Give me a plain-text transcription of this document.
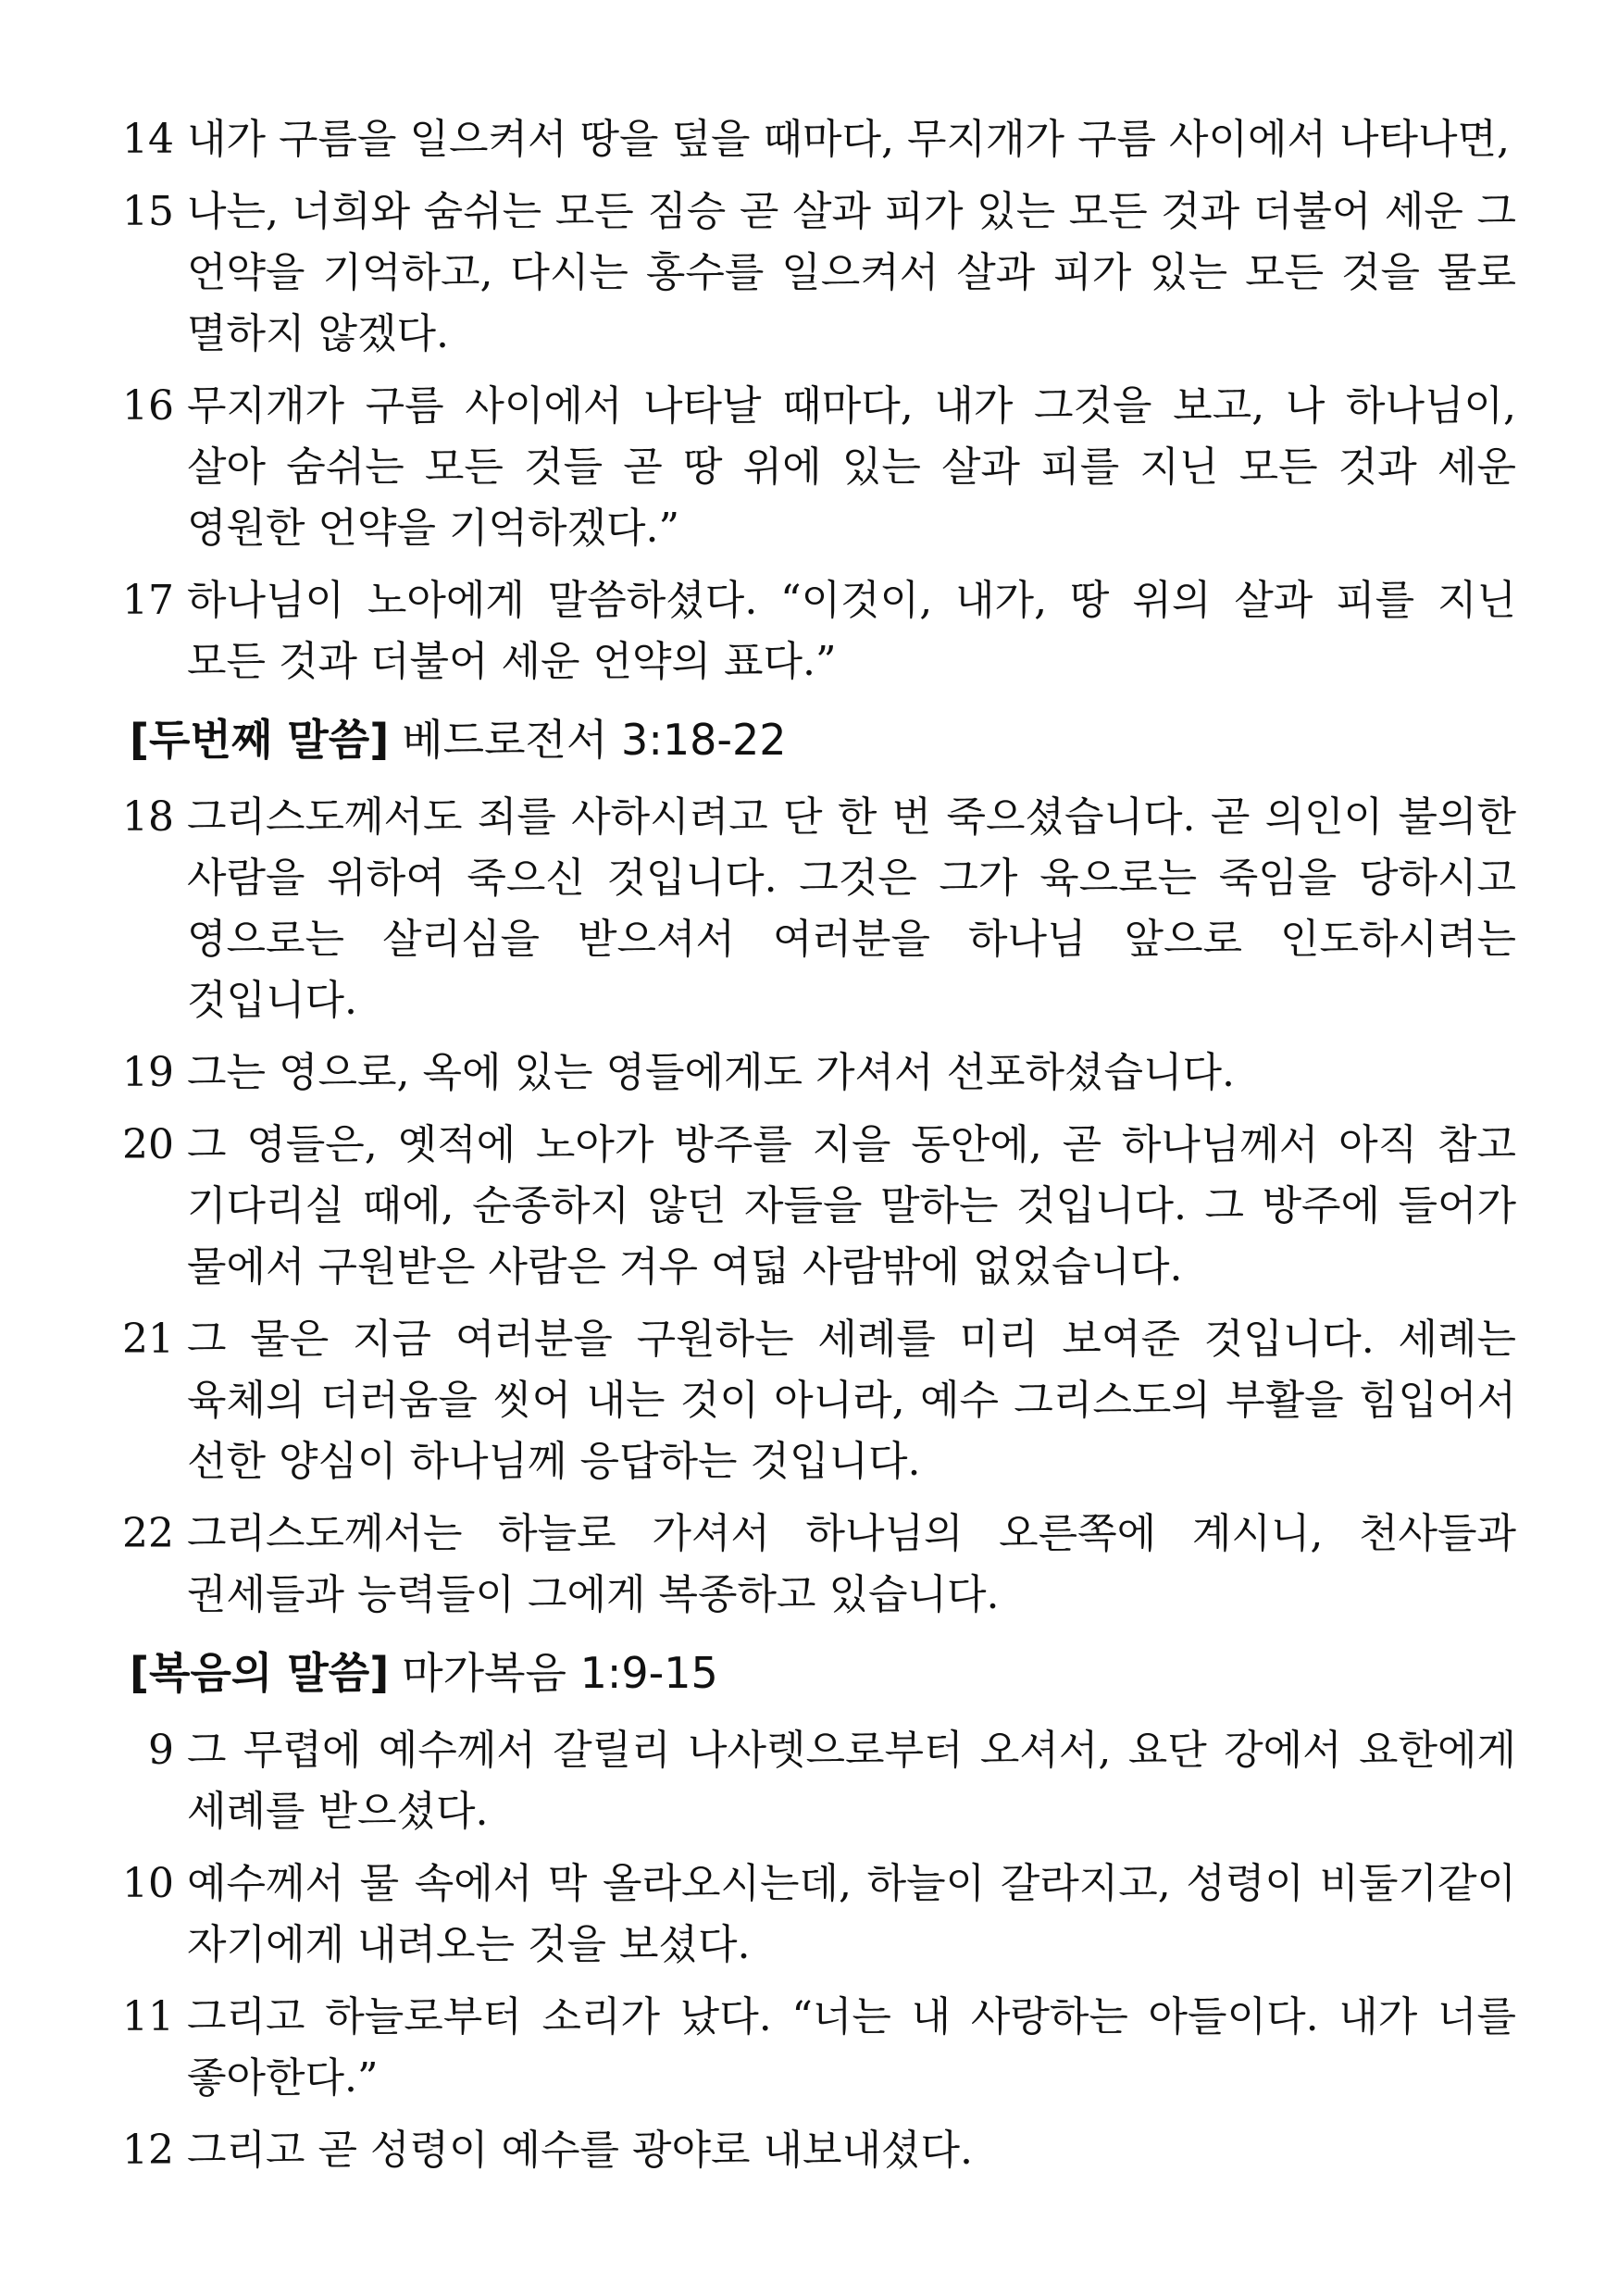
14 내가 구름을 일으켜서 땅을 덮을 때마다, 무지개가 구름 사이에서 나타나면,
15 나는, 너희와 숨쉬는 모든 짐승 곧 살과 피가 있는 모든 것과 더불어 세운 그 언약을 기억하고, 다시는 홍수를 일으켜서 살과 피가 있는 모든 것을 물로 멸하지 않겠다.
16 무지개가 구름 사이에서 나타날 때마다, 내가 그것을 보고, 나 하나님이, 살아 숨쉬는 모든 것들 곧 땅 위에 있는 살과 피를 지닌 모든 것과 세운 영원한 언약을 기억하겠다.”
17 하나님이 노아에게 말씀하셨다. “이것이, 내가, 땅 위의 살과 피를 지닌 모든 것과 더불어 세운 언약의 표다.”
[두번째 말씀] 베드로전서 3:18-22
18 그리스도께서도 죄를 사하시려고 단 한 번 죽으셨습니다. 곧 의인이 불의한 사람을 위하여 죽으신 것입니다. 그것은 그가 육으로는 죽임을 당하시고 영으로는 살리심을 받으셔서 여러분을 하나님 앞으로 인도하시려는 것입니다.
19 그는 영으로, 옥에 있는 영들에게도 가셔서 선포하셨습니다.
20 그 영들은, 옛적에 노아가 방주를 지을 동안에, 곧 하나님께서 아직 참고 기다리실 때에, 순종하지 않던 자들을 말하는 것입니다. 그 방주에 들어가 물에서 구원받은 사람은 겨우 여덟 사람밖에 없었습니다.
21 그 물은 지금 여러분을 구원하는 세례를 미리 보여준 것입니다. 세례는 육체의 더러움을 씻어 내는 것이 아니라, 예수 그리스도의 부활을 힘입어서 선한 양심이 하나님께 응답하는 것입니다.
22 그리스도께서는 하늘로 가셔서 하나님의 오른쪽에 계시니, 천사들과 권세들과 능력들이 그에게 복종하고 있습니다.
[복음의 말씀] 마가복음 1:9-15
9 그 무렵에 예수께서 갈릴리 나사렛으로부터 오셔서, 요단 강에서 요한에게 세례를 받으셨다.
10 예수께서 물 속에서 막 올라오시는데, 하늘이 갈라지고, 성령이 비둘기같이 자기에게 내려오는 것을 보셨다.
11 그리고 하늘로부터 소리가 났다. “너는 내 사랑하는 아들이다. 내가 너를 좋아한다.”
12 그리고 곧 성령이 예수를 광야로 내보내셨다.
